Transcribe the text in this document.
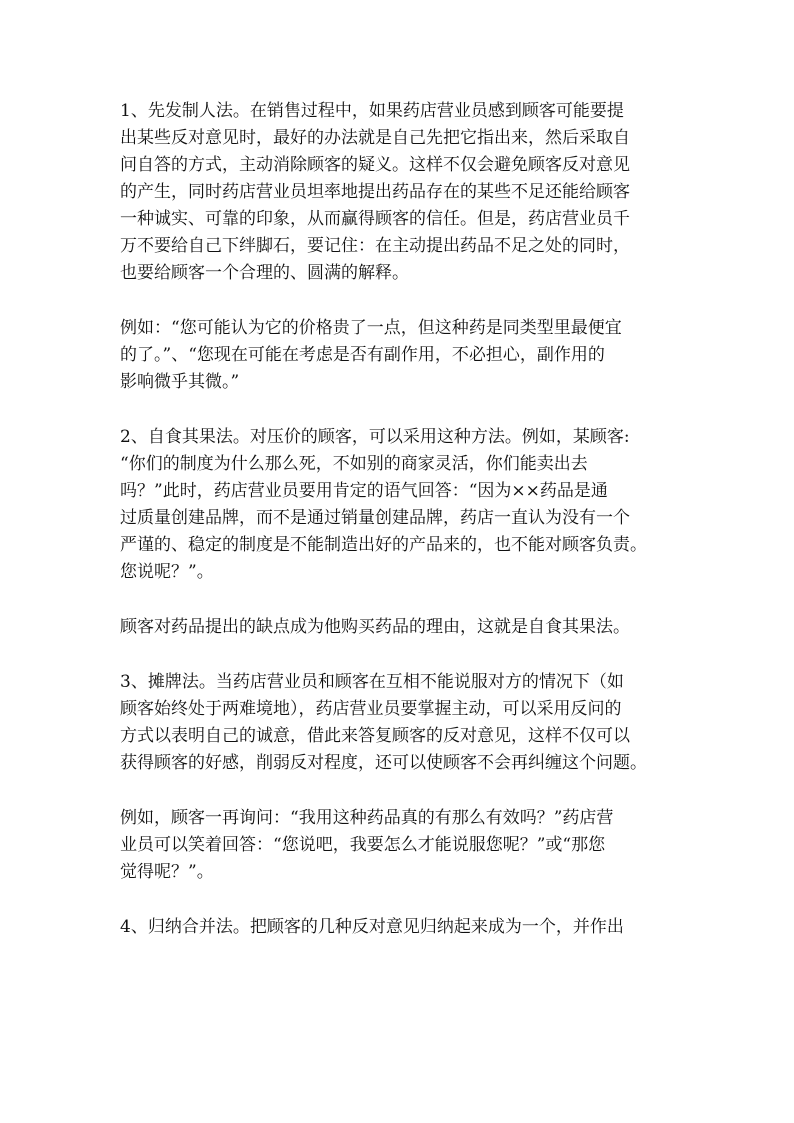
1、先发制人法。在销售过程中，如果药店营业员感到顾客可能要提
出某些反对意见时，最好的办法就是自己先把它指出来，然后采取自
问自答的方式，主动消除顾客的疑义。这样不仅会避免顾客反对意见
的产生，同时药店营业员坦率地提出药品存在的某些不足还能给顾客
一种诚实、可靠的印象，从而赢得顾客的信任。但是，药店营业员千
万不要给自己下绊脚石，要记住：在主动提出药品不足之处的同时，
也要给顾客一个合理的、圆满的解释。
例如：“您可能认为它的价格贵了一点，但这种药是同类型里最便宜
的了。”、“您现在可能在考虑是否有副作用，不必担心，副作用的
影响微乎其微。”
2、自食其果法。对压价的顾客，可以采用这种方法。例如，某顾客:
“你们的制度为什么那么死，不如别的商家灵活，你们能卖出去
吗？”此时，药店营业员要用肯定的语气回答：“因为××药品是通
过质量创建品牌，而不是通过销量创建品牌，药店一直认为没有一个
严谨的、稳定的制度是不能制造出好的产品来的，也不能对顾客负责。
您说呢？”。
顾客对药品提出的缺点成为他购买药品的理由，这就是自食其果法。
3、摊牌法。当药店营业员和顾客在互相不能说服对方的情况下（如
顾客始终处于两难境地），药店营业员要掌握主动，可以采用反问的
方式以表明自己的诚意，借此来答复顾客的反对意见，这样不仅可以
获得顾客的好感，削弱反对程度，还可以使顾客不会再纠缠这个问题。
例如，顾客一再询问：“我用这种药品真的有那么有效吗？”药店营
业员可以笑着回答：“您说吧，我要怎么才能说服您呢？”或“那您
觉得呢？”。
4、归纳合并法。把顾客的几种反对意见归纳起来成为一个，并作出
